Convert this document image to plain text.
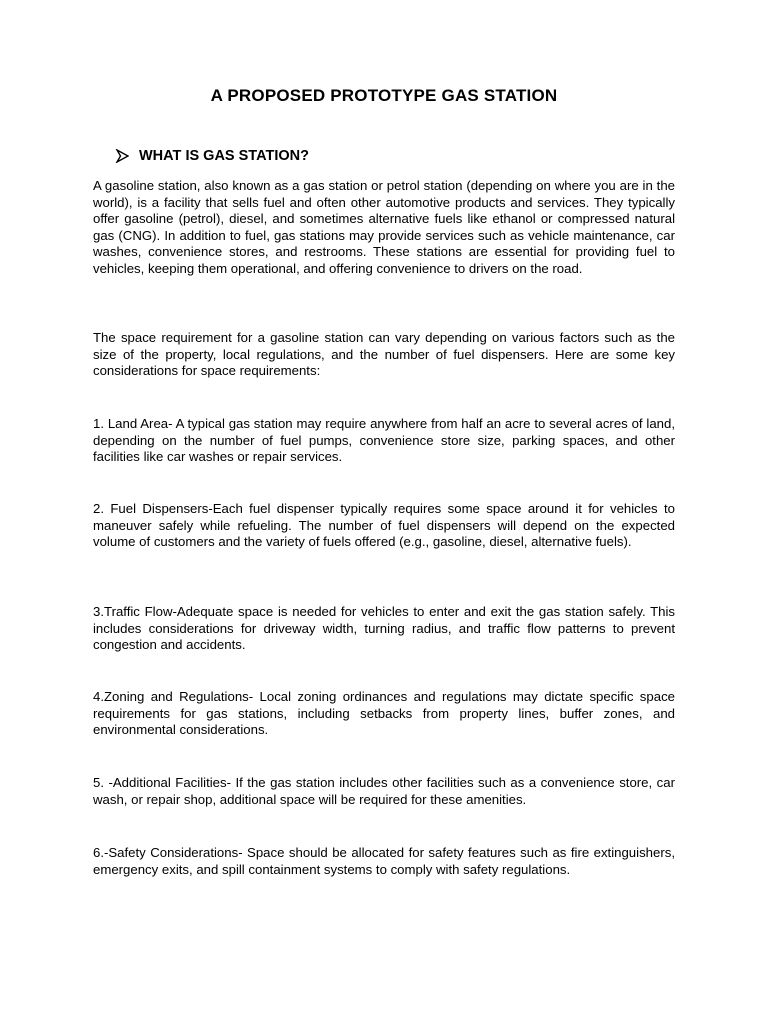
A PROPOSED PROTOTYPE GAS STATION
WHAT IS GAS STATION?

A gasoline station, also known as a gas station or petrol station (depending on where you are in the world), is a facility that sells fuel and often other automotive products and services. They typically offer gasoline (petrol), diesel, and sometimes alternative fuels like ethanol or compressed natural gas (CNG). In addition to fuel, gas stations may provide services such as vehicle maintenance, car washes, convenience stores, and restrooms. These stations are essential for providing fuel to vehicles, keeping them operational, and offering convenience to drivers on the road.

The space requirement for a gasoline station can vary depending on various factors such as the size of the property, local regulations, and the number of fuel dispensers. Here are some key considerations for space requirements:

1. Land Area- A typical gas station may require anywhere from half an acre to several acres of land, depending on the number of fuel pumps, convenience store size, parking spaces, and other facilities like car washes or repair services.

2. Fuel Dispensers-Each fuel dispenser typically requires some space around it for vehicles to maneuver safely while refueling. The number of fuel dispensers will depend on the expected volume of customers and the variety of fuels offered (e.g., gasoline, diesel, alternative fuels).

3.Traffic Flow-Adequate space is needed for vehicles to enter and exit the gas station safely. This includes considerations for driveway width, turning radius, and traffic flow patterns to prevent congestion and accidents.

4.Zoning and Regulations- Local zoning ordinances and regulations may dictate specific space requirements for gas stations, including setbacks from property lines, buffer zones, and environmental considerations.

5. -Additional Facilities- If the gas station includes other facilities such as a convenience store, car wash, or repair shop, additional space will be required for these amenities.

6.-Safety Considerations- Space should be allocated for safety features such as fire extinguishers, emergency exits, and spill containment systems to comply with safety regulations.
